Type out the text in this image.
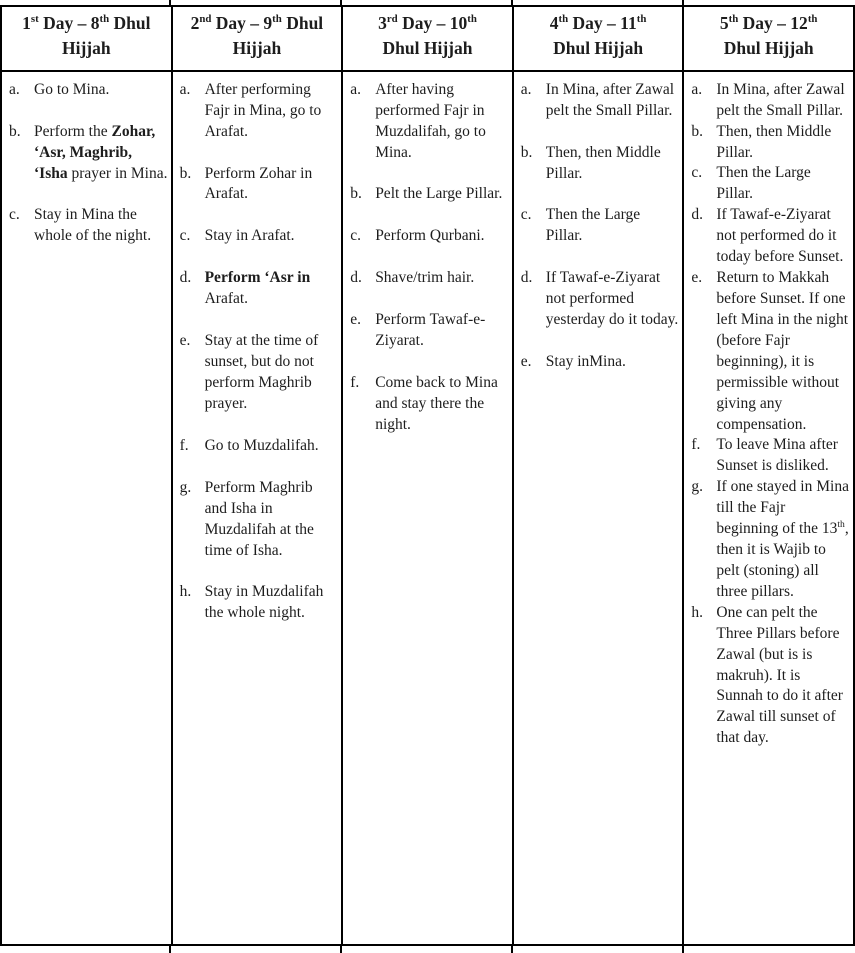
1st Day – 8th Dhul
Hijjah	2nd Day – 9th Dhul
Hijjah	3rd Day – 10th
Dhul Hijjah	4th Day – 11th
Dhul Hijjah	5th Day – 12th
Dhul Hijjah

a. Go to Mina.
b. Perform the Zohar, ‘Asr, Maghrib, ‘Isha prayer in Mina.
c. Stay in Mina the whole of the night.

a. After performing Fajr in Mina, go to Arafat.
b. Perform Zohar in Arafat.
c. Stay in Arafat.
d. Perform ‘Asr in Arafat.
e. Stay at the time of sunset, but do not perform Maghrib prayer.
f.	Go to Muzdalifah.
g. Perform Maghrib and Isha in Muzdalifah at the time of Isha.
h. Stay in Muzdalifah the whole night.

a. After having performed Fajr in Muzdalifah, go to Mina.
b. Pelt the Large Pillar.
c. Perform Qurbani.
d. Shave/trim hair.
e. Perform Tawaf-e-Ziyarat.
f.	Come back to Mina and stay there the night.

a. In Mina, after Zawal pelt the Small Pillar.
b. Then, then Middle Pillar.
c. Then the Large Pillar.
d. If Tawaf-e-Ziyarat not performed yesterday do it today.
e. Stay inMina.

a. In Mina, after Zawal pelt the Small Pillar.
b. Then, then Middle Pillar.
c. Then the Large Pillar.
d. If Tawaf-e-Ziyarat not performed do it today before Sunset.
e. Return to Makkah before Sunset. If one left Mina in the night (before Fajr beginning), it is permissible without giving any compensation.
f.	To leave Mina after Sunset is disliked.
g. If one stayed in Mina till the Fajr beginning of the 13th, then it is Wajib to pelt (stoning) all three pillars.
h. One can pelt the Three Pillars before Zawal (but is is makruh). It is Sunnah to do it after Zawal till sunset of that day.
